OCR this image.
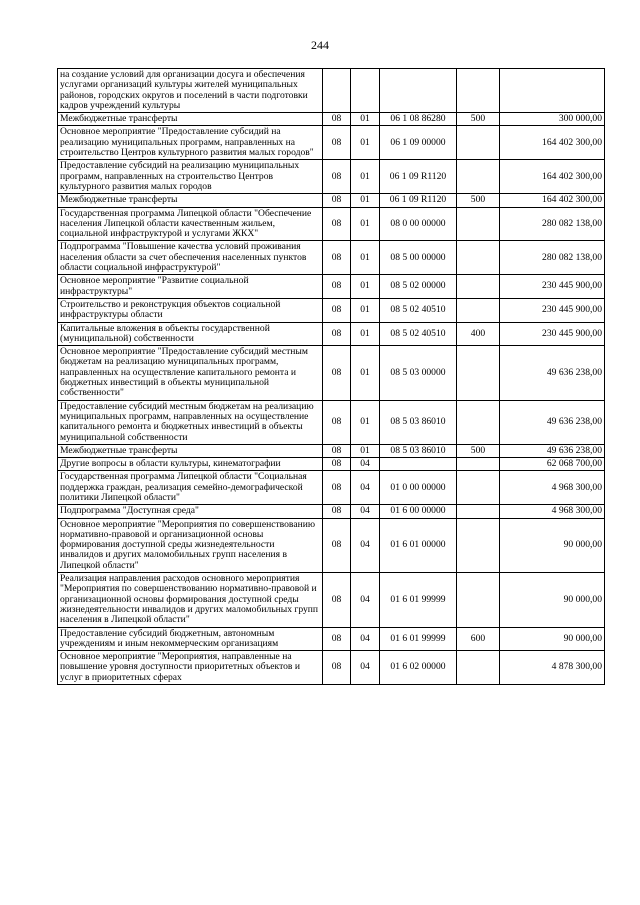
244
на создание условий для организации досуга и обеспечения услугами организаций культуры жителей муниципальных районов, городских округов и поселений в части подготовки кадров учреждений культуры					
Межбюджетные трансферты	08	01	06 1 08 86280	500	300 000,00
Основное мероприятие "Предоставление субсидий на реализацию муниципальных программ, направленных на строительство Центров культурного развития малых городов"	08	01	06 1 09 00000		164 402 300,00
Предоставление субсидий на реализацию муниципальных программ, направленных на строительство Центров культурного развития малых городов	08	01	06 1 09 R1120		164 402 300,00
Межбюджетные трансферты	08	01	06 1 09 R1120	500	164 402 300,00
Государственная программа Липецкой области "Обеспечение населения Липецкой области качественным жильем, социальной инфраструктурой и услугами ЖКХ"	08	01	08 0 00 00000		280 082 138,00
Подпрограмма "Повышение качества условий проживания населения области за счет обеспечения населенных пунктов области социальной инфраструктурой"	08	01	08 5 00 00000		280 082 138,00
Основное мероприятие "Развитие социальной инфраструктуры"	08	01	08 5 02 00000		230 445 900,00
Строительство и реконструкция объектов социальной инфраструктуры области	08	01	08 5 02 40510		230 445 900,00
Капитальные вложения в объекты государственной (муниципальной) собственности	08	01	08 5 02 40510	400	230 445 900,00
Основное мероприятие "Предоставление субсидий местным бюджетам на реализацию муниципальных программ, направленных на осуществление капитального ремонта и бюджетных инвестиций в объекты муниципальной собственности"	08	01	08 5 03 00000		49 636 238,00
Предоставление субсидий местным бюджетам на реализацию муниципальных программ, направленных на осуществление капитального ремонта и бюджетных инвестиций в объекты муниципальной собственности	08	01	08 5 03 86010		49 636 238,00
Межбюджетные трансферты	08	01	08 5 03 86010	500	49 636 238,00
Другие вопросы в области культуры, кинематографии	08	04			62 068 700,00
Государственная программа Липецкой области "Социальная поддержка граждан, реализация семейно-демографической политики Липецкой области"	08	04	01 0 00 00000		4 968 300,00
Подпрограмма "Доступная среда"	08	04	01 6 00 00000		4 968 300,00
Основное мероприятие "Мероприятия по совершенствованию нормативно-правовой и организационной основы формирования доступной среды жизнедеятельности инвалидов и других маломобильных групп населения в Липецкой области"	08	04	01 6 01 00000		90 000,00
Реализация направления расходов основного мероприятия "Мероприятия по совершенствованию нормативно-правовой и организационной основы формирования доступной среды жизнедеятельности инвалидов и других маломобильных групп населения в Липецкой области"	08	04	01 6 01 99999		90 000,00
Предоставление субсидий бюджетным, автономным учреждениям и иным некоммерческим организациям	08	04	01 6 01 99999	600	90 000,00
Основное мероприятие "Мероприятия, направленные на повышение уровня доступности приоритетных объектов и услуг в приоритетных сферах	08	04	01 6 02 00000		4 878 300,00
